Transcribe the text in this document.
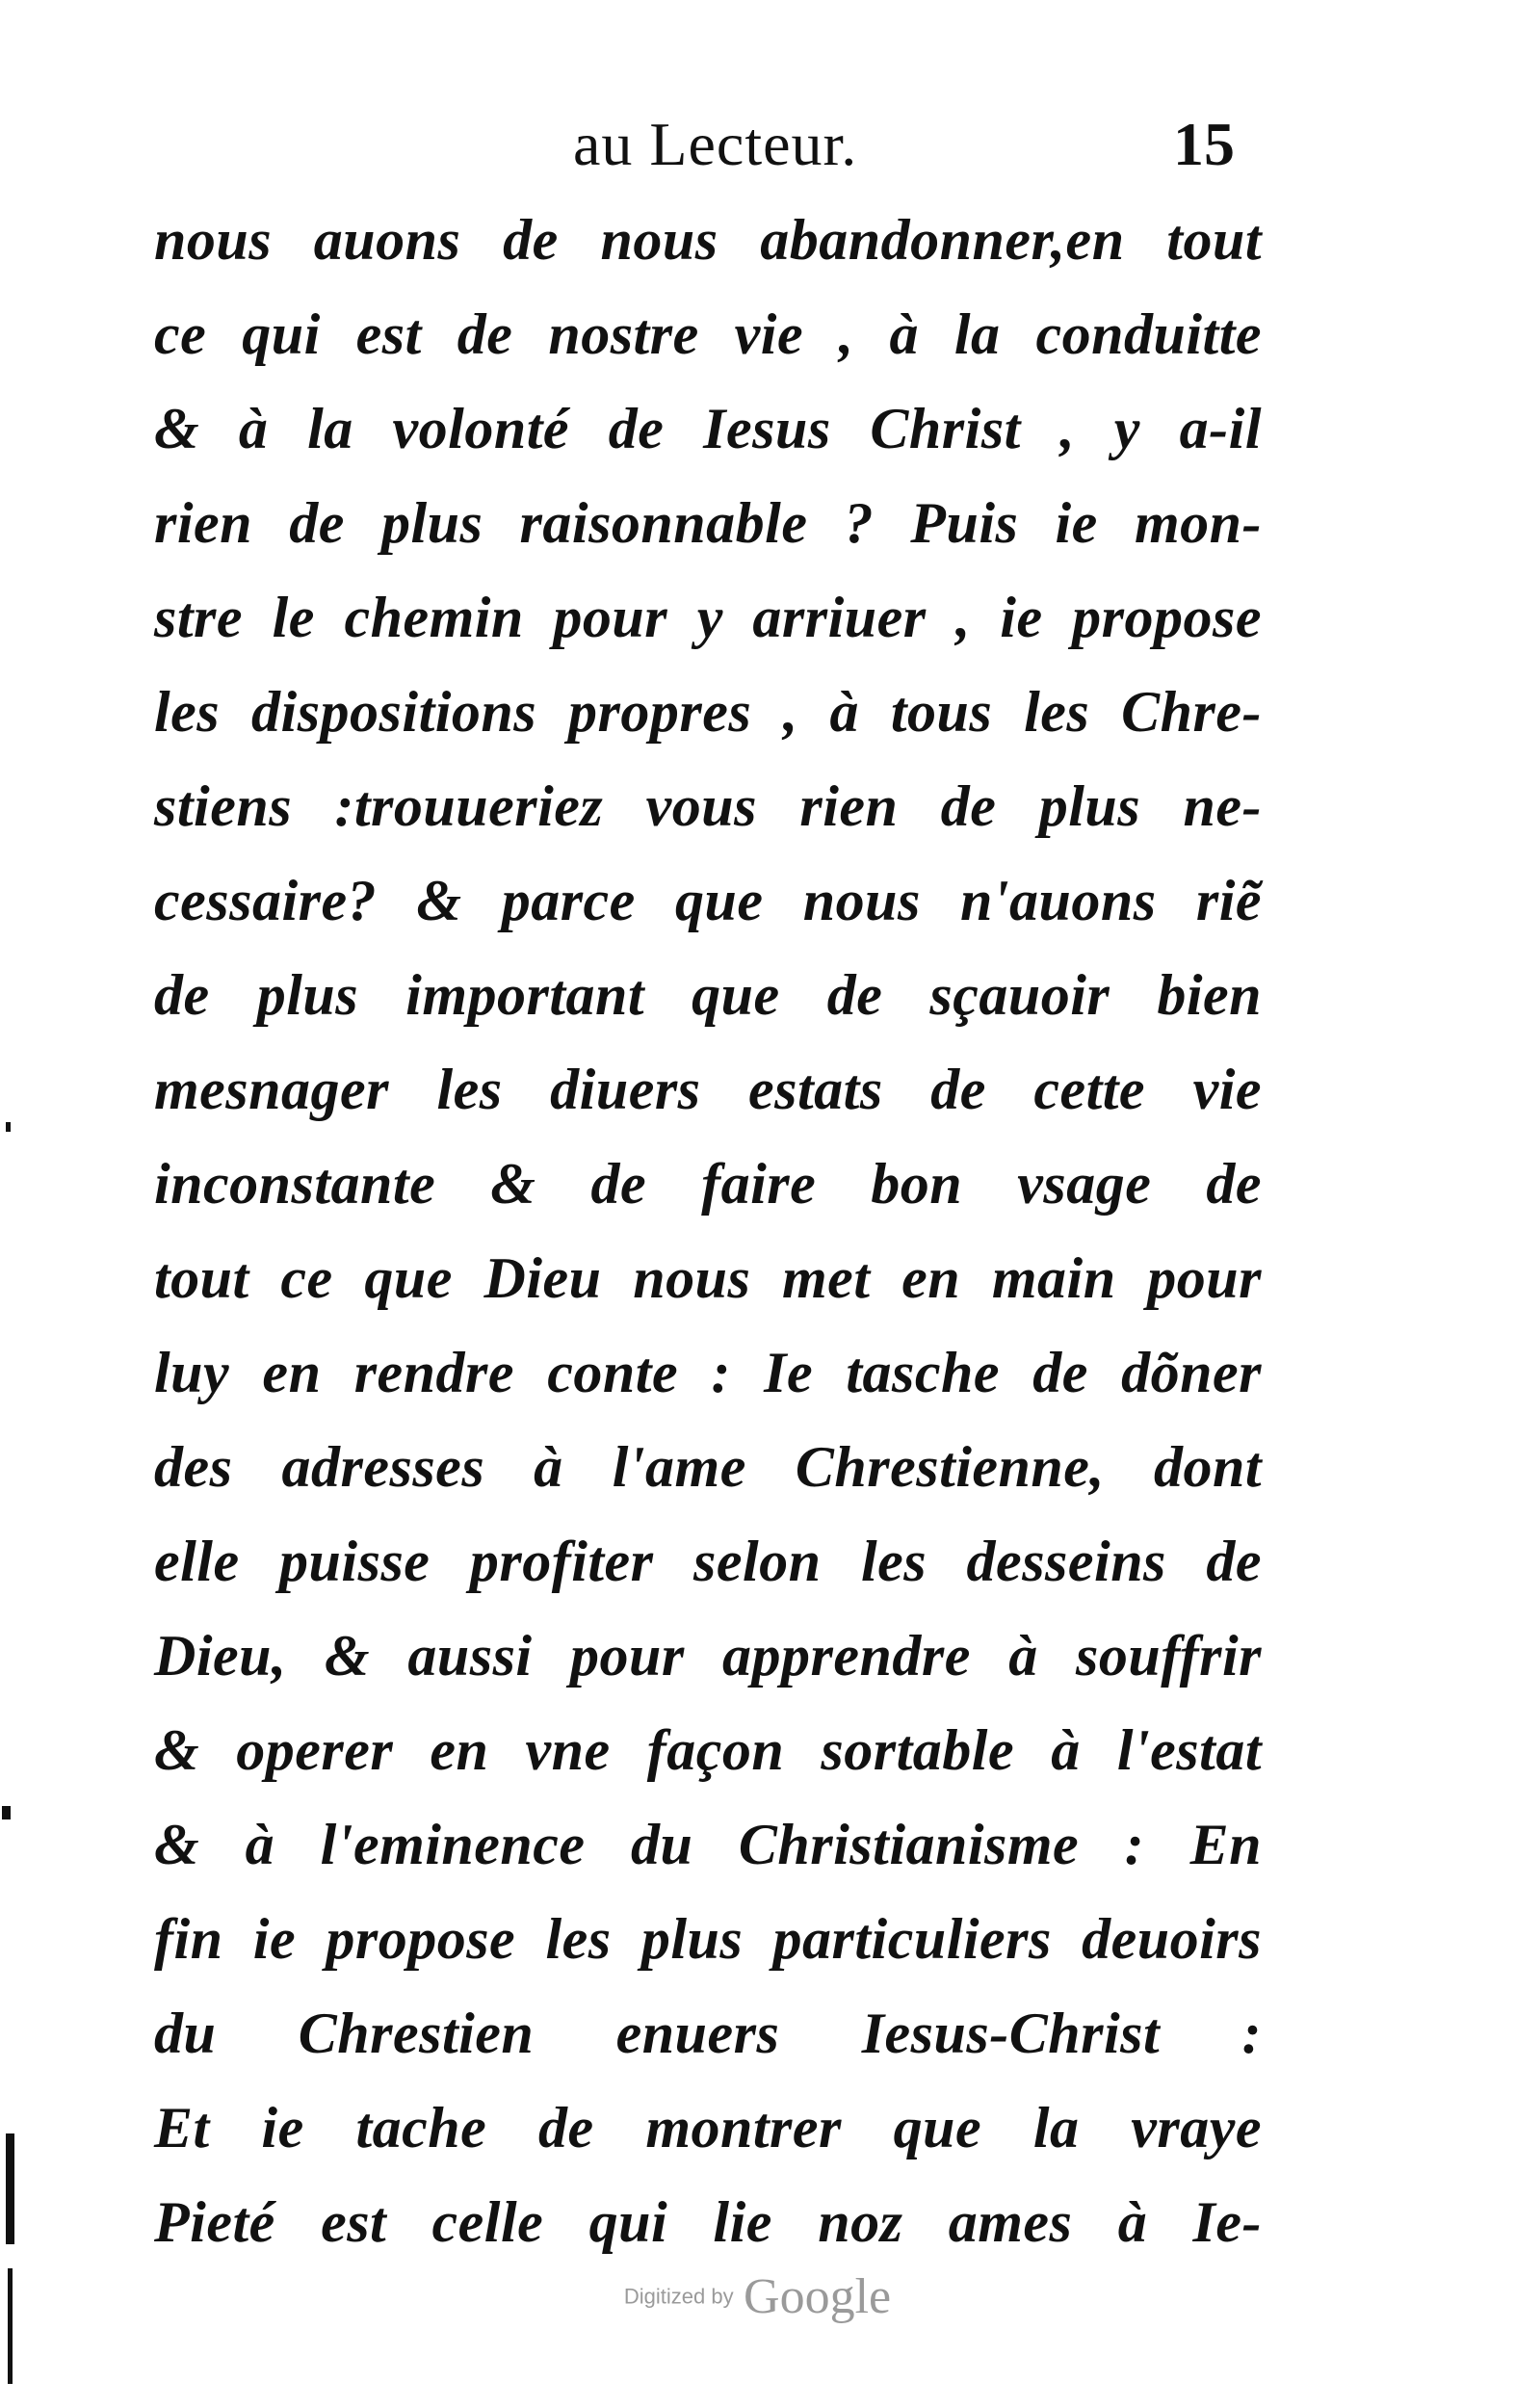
au Lecteur.	15
nous auons de nous abandonner,en tout
ce qui est de nostre vie , à la conduitte
& à la volonté de Iesus Christ , y a-il
rien de plus raisonnable ? Puis ie mon-
stre le chemin pour y arriuer , ie propose
les dispositions propres , à tous les Chre-
stiens :trouueriez vous rien de plus ne-
cessaire? & parce que nous n'auons riẽ
de plus important que de sçauoir bien
mesnager les diuers estats de cette vie
inconstante & de faire bon vsage de
tout ce que Dieu nous met en main pour
luy en rendre conte : Ie tasche de dõner
des adresses à l'ame Chrestienne, dont
elle puisse profiter selon les desseins de
Dieu, & aussi pour apprendre à souffrir
& operer en vne façon sortable à l'estat
& à l'eminence du Christianisme : En
fin ie propose les plus particuliers deuoirs
du Chrestien enuers Iesus-Christ :
Et ie tache de montrer que la vraye
Pieté est celle qui lie noz ames à Ie-
Digitized by Google
